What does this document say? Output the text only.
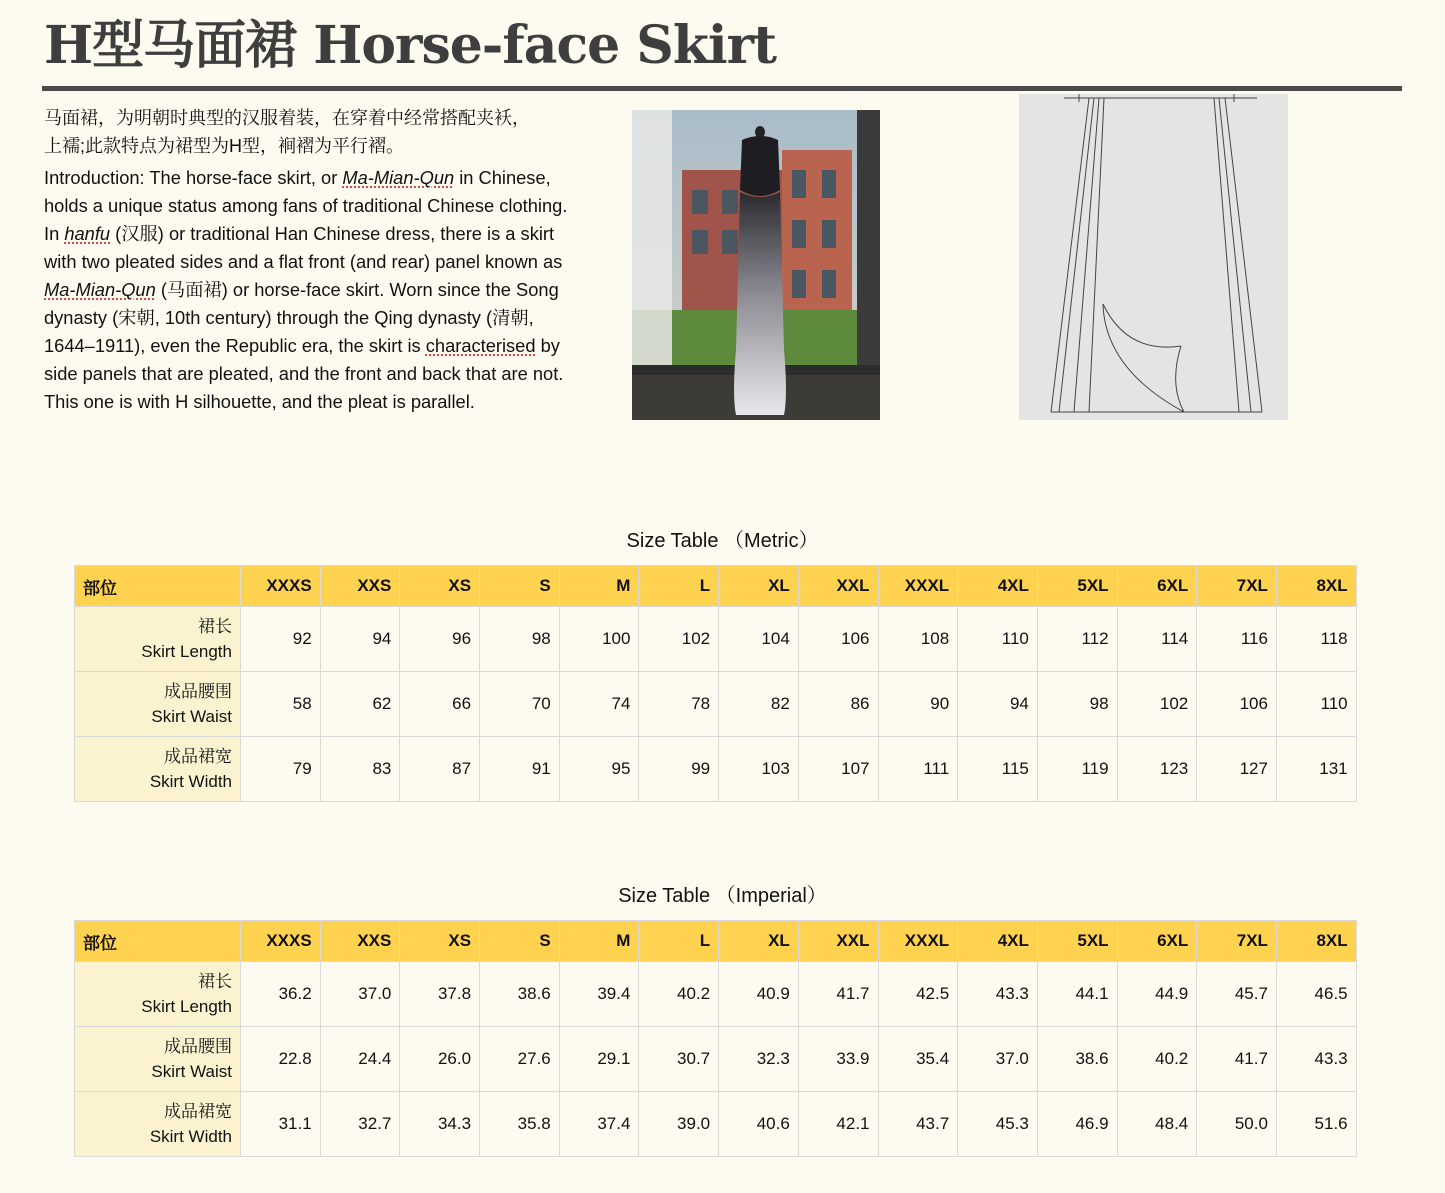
H型马面裙 Horse-face Skirt
马面裙，为明朝时典型的汉服着装，在穿着中经常搭配夹袄，
上襦;此款特点为裙型为H型，裥褶为平行褶。
Introduction: The horse-face skirt, or Ma-Mian-Qun in Chinese, holds a unique status among fans of traditional Chinese clothing. In hanfu (汉服) or traditional Han Chinese dress, there is a skirt with two pleated sides and a flat front (and rear) panel known as Ma-Mian-Qun (马面裙) or horse-face skirt. Worn since the Song dynasty (宋朝, 10th century) through the Qing dynasty (清朝, 1644–1911), even the Republic era, the skirt is characterised by side panels that are pleated, and the front and back that are not. This one is with H silhouette, and the pleat is parallel.
Size Table （Metric）
部位	XXXS	XXS	XS	S	M	L	XL	XXL	XXXL	4XL	5XL	6XL	7XL	8XL

裙长
Skirt Length	92	94	96	98	100	102	104	106	108	110	112	114	116	118

成品腰围
Skirt Waist	58	62	66	70	74	78	82	86	90	94	98	102	106	110

成品裙宽
Skirt Width	79	83	87	91	95	99	103	107	111	115	119	123	127	131
Size Table （Imperial）
部位	XXXS	XXS	XS	S	M	L	XL	XXL	XXXL	4XL	5XL	6XL	7XL	8XL

裙长
Skirt Length	36.2	37.0	37.8	38.6	39.4	40.2	40.9	41.7	42.5	43.3	44.1	44.9	45.7	46.5

成品腰围
Skirt Waist	22.8	24.4	26.0	27.6	29.1	30.7	32.3	33.9	35.4	37.0	38.6	40.2	41.7	43.3

成品裙宽
Skirt Width	31.1	32.7	34.3	35.8	37.4	39.0	40.6	42.1	43.7	45.3	46.9	48.4	50.0	51.6
